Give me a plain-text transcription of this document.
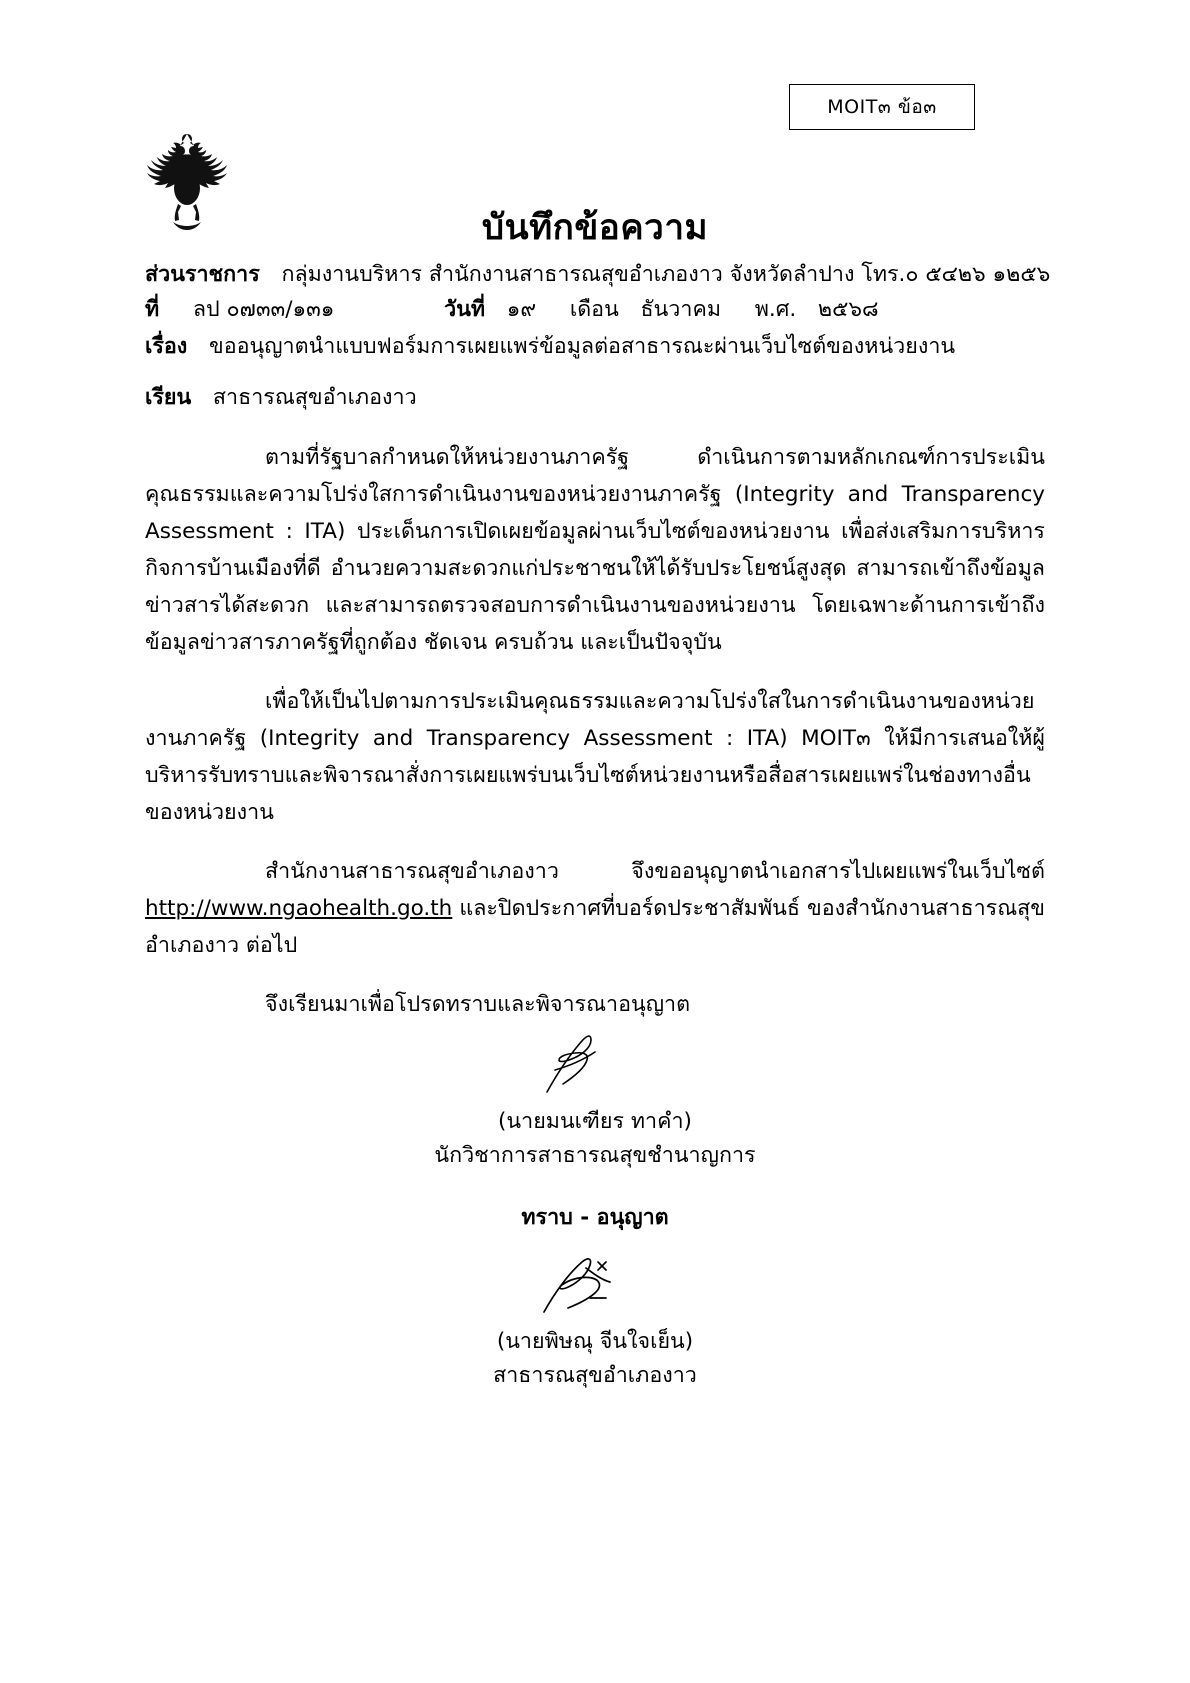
MOIT๓ ข้อ๓
บันทึกข้อความ
ส่วนราชการ กลุ่มงานบริหาร สำนักงานสาธารณสุขอำเภองาว จังหวัดลำปาง โทร.๐ ๕๔๒๖ ๑๒๕๖
ที่ ลป ๐๗๓๓/๑๓๑	วันที่ ๑๙ เดือน ธันวาคม พ.ศ. ๒๕๖๘
เรื่อง ขออนุญาตนำแบบฟอร์มการเผยแพร่ข้อมูลต่อสาธารณะผ่านเว็บไซต์ของหน่วยงาน
เรียน สาธารณสุขอำเภองาว

ตามที่รัฐบาลกำหนดให้หน่วยงานภาครัฐ ดำเนินการตามหลักเกณฑ์การประเมินคุณธรรมและความโปร่งใสการดำเนินงานของหน่วยงานภาครัฐ (Integrity and Transparency Assessment : ITA) ประเด็นการเปิดเผยข้อมูลผ่านเว็บไซต์ของหน่วยงาน เพื่อส่งเสริมการบริหารกิจการบ้านเมืองที่ดี อำนวยความสะดวกแก่ประชาชนให้ได้รับประโยชน์สูงสุด สามารถเข้าถึงข้อมูลข่าวสารได้สะดวก และสามารถตรวจสอบการดำเนินงานของหน่วยงาน โดยเฉพาะด้านการเข้าถึงข้อมูลข่าวสารภาครัฐที่ถูกต้อง ชัดเจน ครบถ้วน และเป็นปัจจุบัน

เพื่อให้เป็นไปตามการประเมินคุณธรรมและความโปร่งใสในการดำเนินงานของหน่วยงานภาครัฐ (Integrity and Transparency Assessment : ITA) MOIT๓ ให้มีการเสนอให้ผู้บริหารรับทราบและพิจารณาสั่งการเผยแพร่บนเว็บไซต์หน่วยงานหรือสื่อสารเผยแพร่ในช่องทางอื่นของหน่วยงาน

สำนักงานสาธารณสุขอำเภองาว จึงขออนุญาตนำเอกสารไปเผยแพร่ในเว็บไซต์ http://www.ngaohealth.go.th และปิดประกาศที่บอร์ดประชาสัมพันธ์ ของสำนักงานสาธารณสุขอำเภองาว ต่อไป

จึงเรียนมาเพื่อโปรดทราบและพิจารณาอนุญาต

(นายมนเฑียร ทาคำ)
นักวิชาการสาธารณสุขชำนาญการ
ทราบ - อนุญาต
(นายพิษณุ จีนใจเย็น)
สาธารณสุขอำเภองาว
